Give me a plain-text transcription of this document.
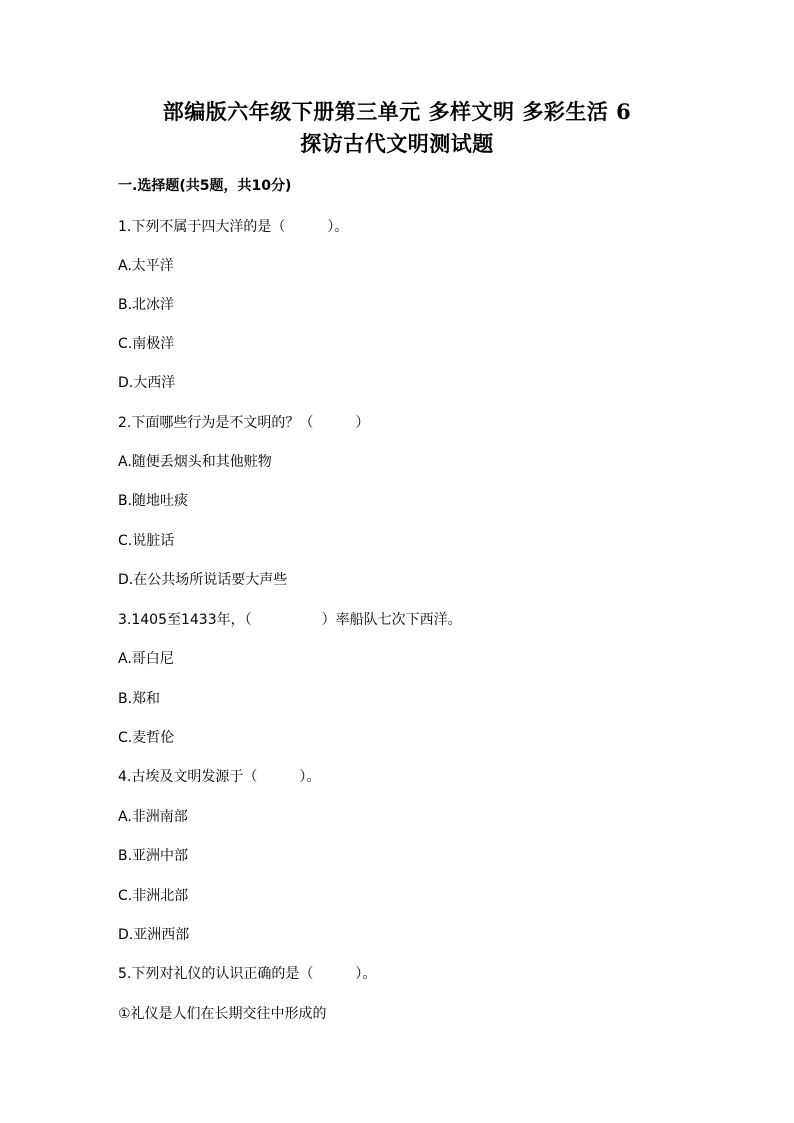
部编版六年级下册第三单元 多样文明 多彩生活 6
探访古代文明测试题
一.选择题(共5题，共10分)
1.下列不属于四大洋的是（　　　）。
A.太平洋
B.北冰洋
C.南极洋
D.大西洋
2.下面哪些行为是不文明的？（　　　）
A.随便丢烟头和其他赃物
B.随地吐痰
C.说脏话
D.在公共场所说话要大声些
3.1405至1433年，（　　　　　）率船队七次下西洋。
A.哥白尼
B.郑和
C.麦哲伦
4.古埃及文明发源于（　　　）。
A.非洲南部
B.亚洲中部
C.非洲北部
D.亚洲西部
5.下列对礼仪的认识正确的是（　　　）。
①礼仪是人们在长期交往中形成的
